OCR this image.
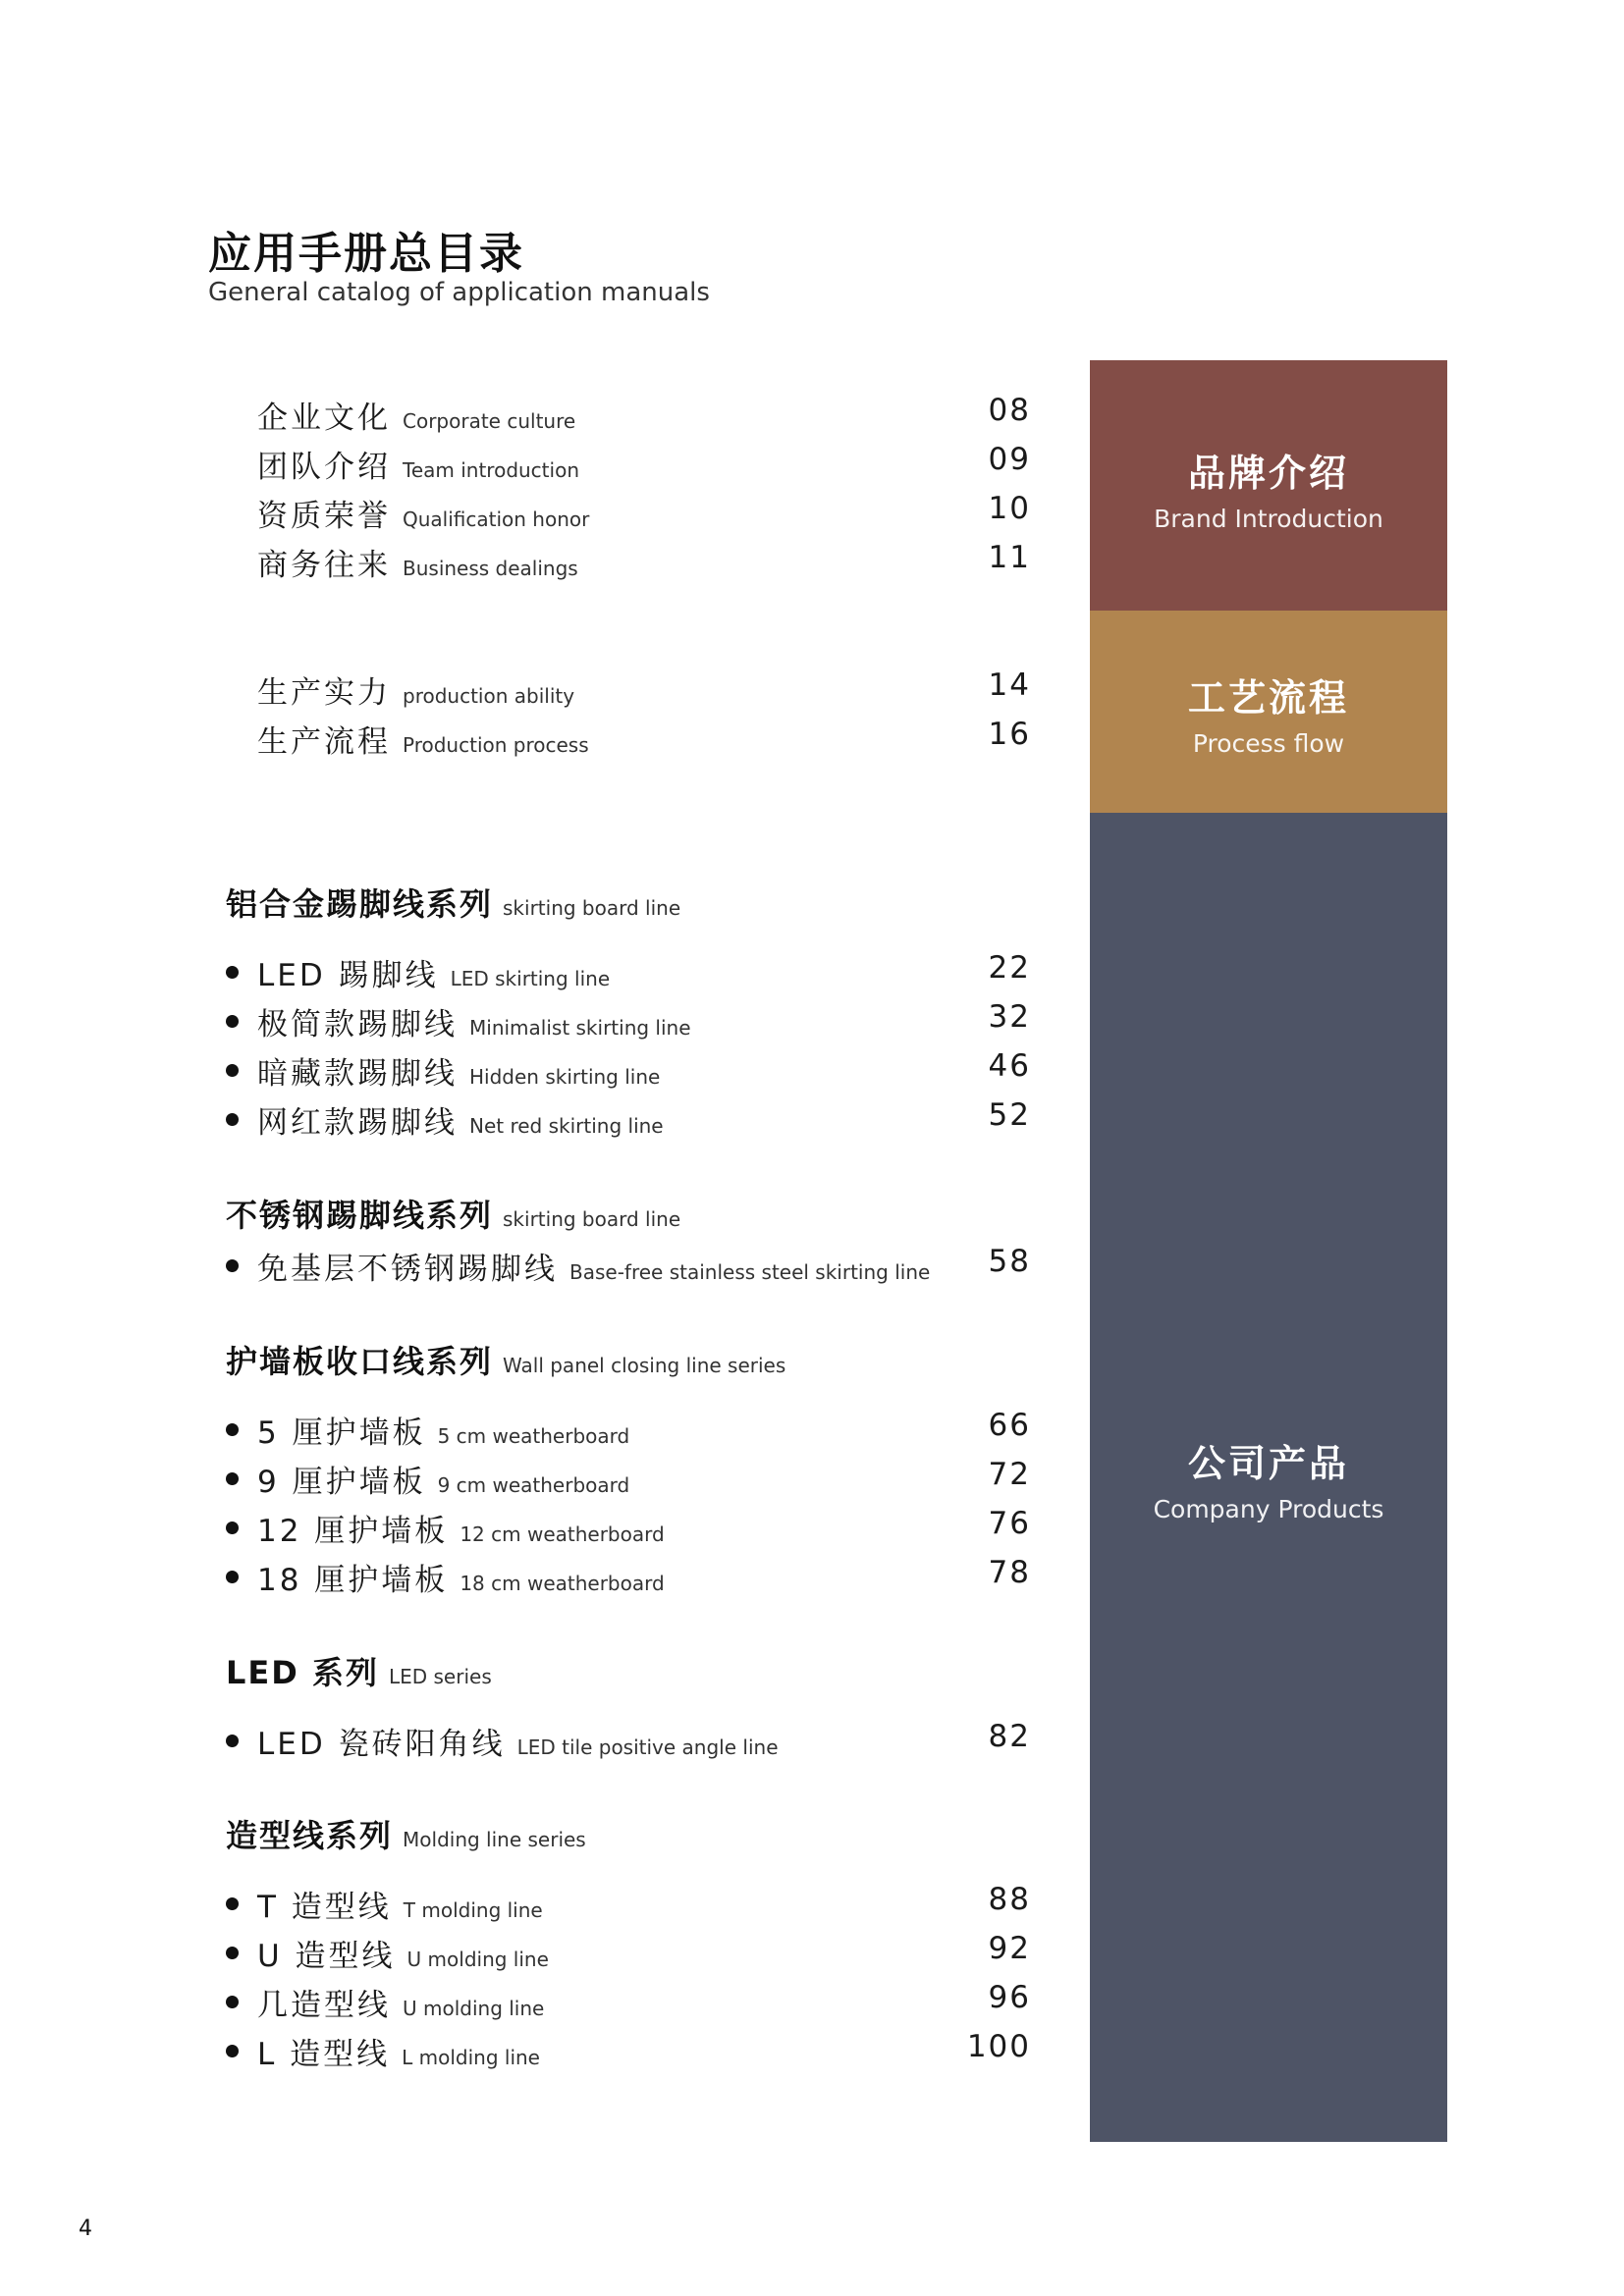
应用手册总目录
General catalog of application manuals
企业文化 Corporate culture	08
团队介绍 Team introduction	09
资质荣誉 Qualification honor	10
商务往来 Business dealings	11
生产实力 production ability	14
生产流程 Production process	16
铝合金踢脚线系列 skirting board line
LED 踢脚线 LED skirting line	22
极简款踢脚线 Minimalist skirting line	32
暗藏款踢脚线 Hidden skirting line	46
网红款踢脚线 Net red skirting line	52
不锈钢踢脚线系列 skirting board line
免基层不锈钢踢脚线 Base-free stainless steel skirting line 58
护墙板收口线系列 Wall panel closing line series
5 厘护墙板 5 cm weatherboard	66
9 厘护墙板 9 cm weatherboard	72
12 厘护墙板 12 cm weatherboard	76
18 厘护墙板 18 cm weatherboard	78
LED 系列 LED series
LED 瓷砖阳角线 LED tile positive angle line	82
造型线系列 Molding line series
T 造型线 T molding line	88
U 造型线 U molding line	92
几造型线 U molding line	96
L 造型线 L molding line	100
品牌介绍
Brand Introduction
工艺流程
Process flow
公司产品
Company Products
4
